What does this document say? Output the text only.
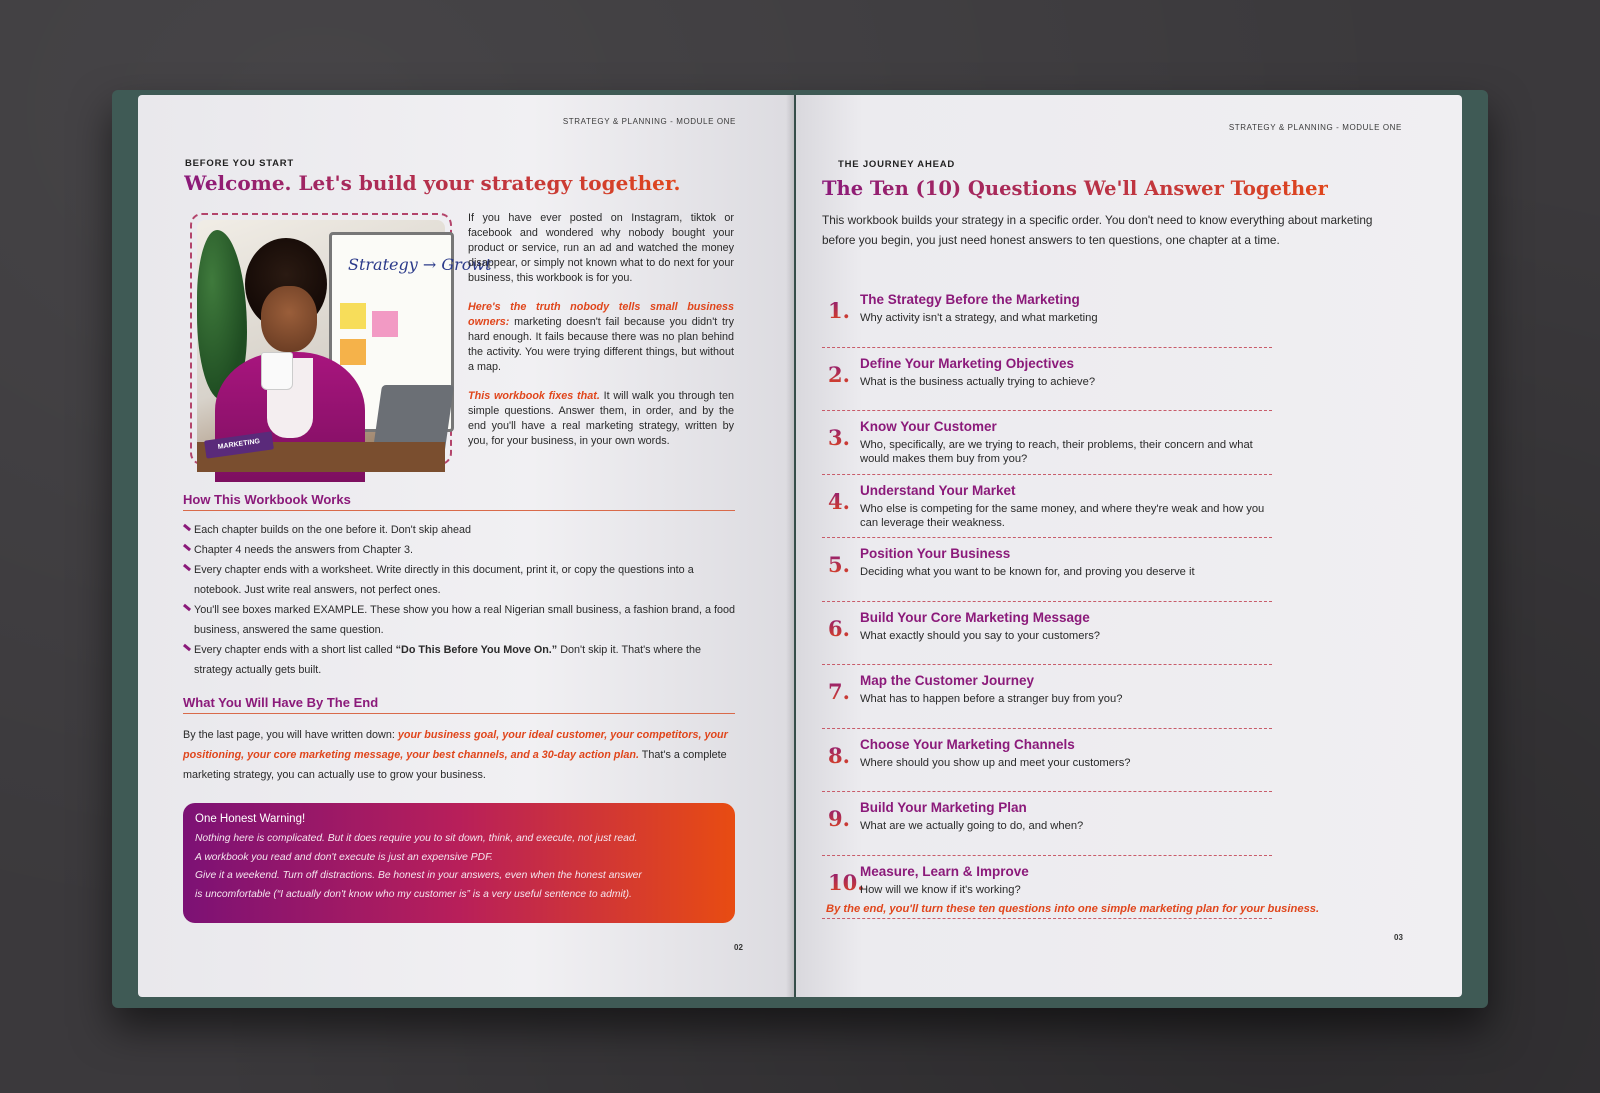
STRATEGY & PLANNING - MODULE ONE
BEFORE YOU START
Welcome. Let's build your strategy together.
Strategy → Growt
MARKETING

If you have ever posted on Instagram, tiktok or facebook and wondered why nobody bought your product or service, run an ad and watched the money disappear, or simply not known what to do next for your business, this workbook is for you.

Here's the truth nobody tells small business owners: marketing doesn't fail because you didn't try hard enough. It fails because there was no plan behind the activity. You were trying different things, but without a map.

This workbook fixes that. It will walk you through ten simple questions. Answer them, in order, and by the end you'll have a real marketing strategy, written by you, for your business, in your own words.

How This Workbook Works
Each chapter builds on the one before it. Don't skip ahead
Chapter 4 needs the answers from Chapter 3.
Every chapter ends with a worksheet. Write directly in this document, print it, or copy the questions into a notebook. Just write real answers, not perfect ones.
You'll see boxes marked EXAMPLE. These show you how a real Nigerian small business, a fashion brand, a food business, answered the same question.
Every chapter ends with a short list called “Do This Before You Move On.” Don't skip it. That's where the strategy actually gets built.
What You Will Have By The End
By the last page, you will have written down: your business goal, your ideal customer, your competitors, your positioning, your core marketing message, your best channels, and a 30-day action plan. That's a complete marketing strategy, you can actually use to grow your business.
One Honest Warning!
Nothing here is complicated. But it does require you to sit down, think, and execute, not just read.
A workbook you read and don't execute is just an expensive PDF.
Give it a weekend. Turn off distractions. Be honest in your answers, even when the honest answer
is uncomfortable (“I actually don't know who my customer is” is a very useful sentence to admit).
02
STRATEGY & PLANNING - MODULE ONE
THE JOURNEY AHEAD
The Ten (10) Questions We'll Answer Together
This workbook builds your strategy in a specific order. You don't need to know everything about marketing before you begin, you just need honest answers to ten questions, one chapter at a time.
1. The Strategy Before the Marketing
Why activity isn't a strategy, and what marketing
2. Define Your Marketing Objectives
What is the business actually trying to achieve?
3. Know Your Customer
Who, specifically, are we trying to reach, their problems, their concern and what would makes them buy from you?
4. Understand Your Market
Who else is competing for the same money, and where they're weak and how you can leverage their weakness.
5. Position Your Business
Deciding what you want to be known for, and proving you deserve it
6. Build Your Core Marketing Message
What exactly should you say to your customers?
7. Map the Customer Journey
What has to happen before a stranger buy from you?
8. Choose Your Marketing Channels
Where should you show up and meet your customers?
9. Build Your Marketing Plan
What are we actually going to do, and when?
10.
Measure, Learn & Improve
How will we know if it's working?
By the end, you'll turn these ten questions into one simple marketing plan for your business.
03
